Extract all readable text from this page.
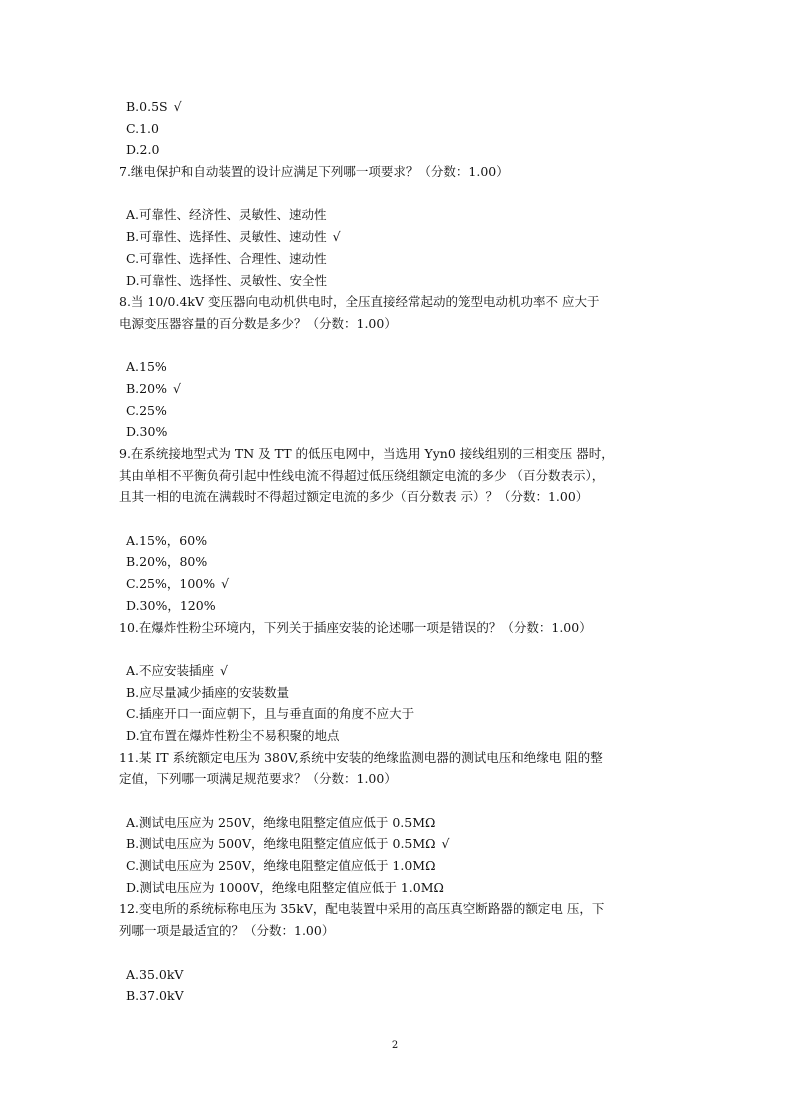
B.0.5S √
C.1.0
D.2.0
7.继电保护和自动装置的设计应满足下列哪一项要求？（分数：1.00）
A.可靠性、经济性、灵敏性、速动性
B.可靠性、选择性、灵敏性、速动性 √
C.可靠性、选择性、合理性、速动性
D.可靠性、选择性、灵敏性、安全性
8.当 10/0.4kV 变压器向电动机供电时，全压直接经常起动的笼型电动机功率不 应大于
电源变压器容量的百分数是多少？（分数：1.00）
A.15%
B.20% √
C.25%
D.30%
9.在系统接地型式为 TN 及 TT 的低压电网中，当选用 Yyn0 接线组别的三相变压 器时，
其由单相不平衡负荷引起中性线电流不得超过低压绕组额定电流的多少 （百分数表示），
且其一相的电流在满载时不得超过额定电流的多少（百分数表 示）？（分数：1.00）
A.15%，60%
B.20%，80%
C.25%，100% √
D.30%，120%
10.在爆炸性粉尘环境内，下列关于插座安装的论述哪一项是错误的？（分数：1.00）
A.不应安装插座 √
B.应尽量减少插座的安装数量
C.插座开口一面应朝下，且与垂直面的角度不应大于
D.宜布置在爆炸性粉尘不易积聚的地点
11.某 IT 系统额定电压为 380V,系统中安装的绝缘监测电器的测试电压和绝缘电 阻的整
定值，下列哪一项满足规范要求？（分数：1.00）
A.测试电压应为 250V，绝缘电阻整定值应低于 0.5MΩ
B.测试电压应为 500V，绝缘电阻整定值应低于 0.5MΩ √
C.测试电压应为 250V，绝缘电阻整定值应低于 1.0MΩ
D.测试电压应为 1000V，绝缘电阻整定值应低于 1.0MΩ
12.变电所的系统标称电压为 35kV，配电装置中采用的高压真空断路器的额定电 压，下
列哪一项是最适宜的？（分数：1.00）
A.35.0kV
B.37.0kV
2
